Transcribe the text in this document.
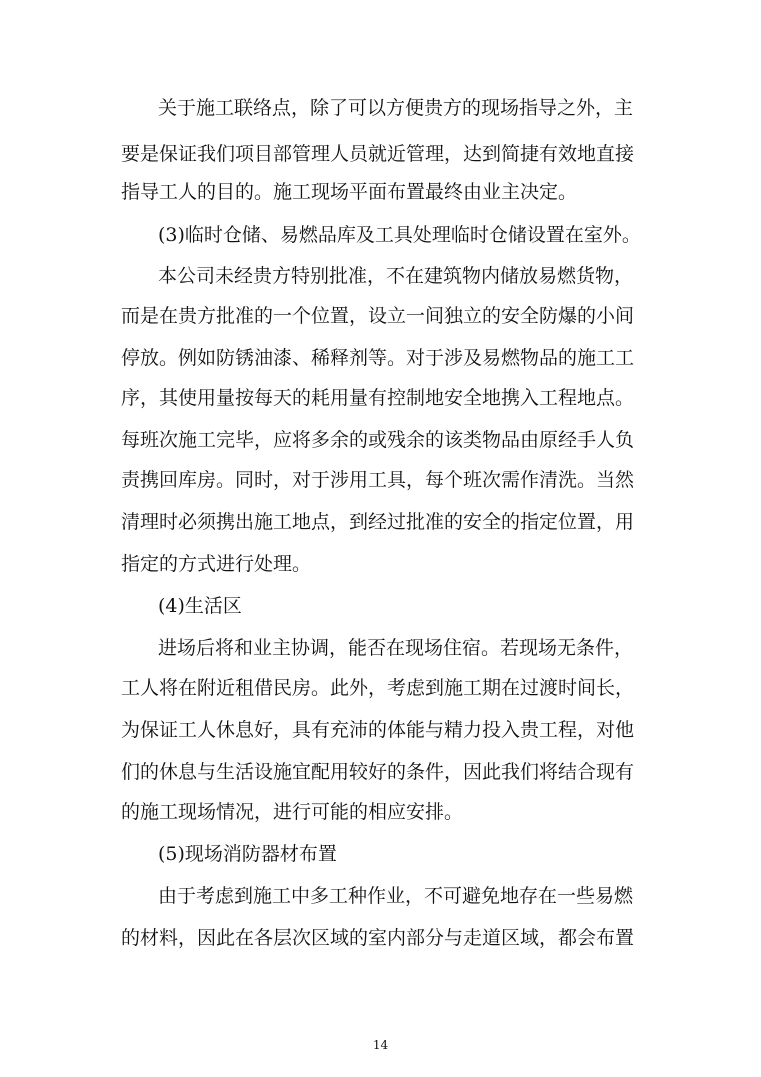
关于施工联络点，除了可以方便贵方的现场指导之外，主
要是保证我们项目部管理人员就近管理，达到简捷有效地直接
指导工人的目的。施工现场平面布置最终由业主决定。
(3)临时仓储、易燃品库及工具处理临时仓储设置在室外。
本公司未经贵方特别批准，不在建筑物内储放易燃货物，
而是在贵方批准的一个位置，设立一间独立的安全防爆的小间
停放。例如防锈油漆、稀释剂等。对于涉及易燃物品的施工工
序，其使用量按每天的耗用量有控制地安全地携入工程地点。
每班次施工完毕，应将多余的或残余的该类物品由原经手人负
责携回库房。同时，对于涉用工具，每个班次需作清洗。当然
清理时必须携出施工地点，到经过批准的安全的指定位置，用
指定的方式进行处理。
(4)生活区
进场后将和业主协调，能否在现场住宿。若现场无条件，
工人将在附近租借民房。此外，考虑到施工期在过渡时间长，
为保证工人休息好，具有充沛的体能与精力投入贵工程，对他
们的休息与生活设施宜配用较好的条件，因此我们将结合现有
的施工现场情况，进行可能的相应安排。
(5)现场消防器材布置
由于考虑到施工中多工种作业，不可避免地存在一些易燃
的材料，因此在各层次区域的室内部分与走道区域，都会布置
14
